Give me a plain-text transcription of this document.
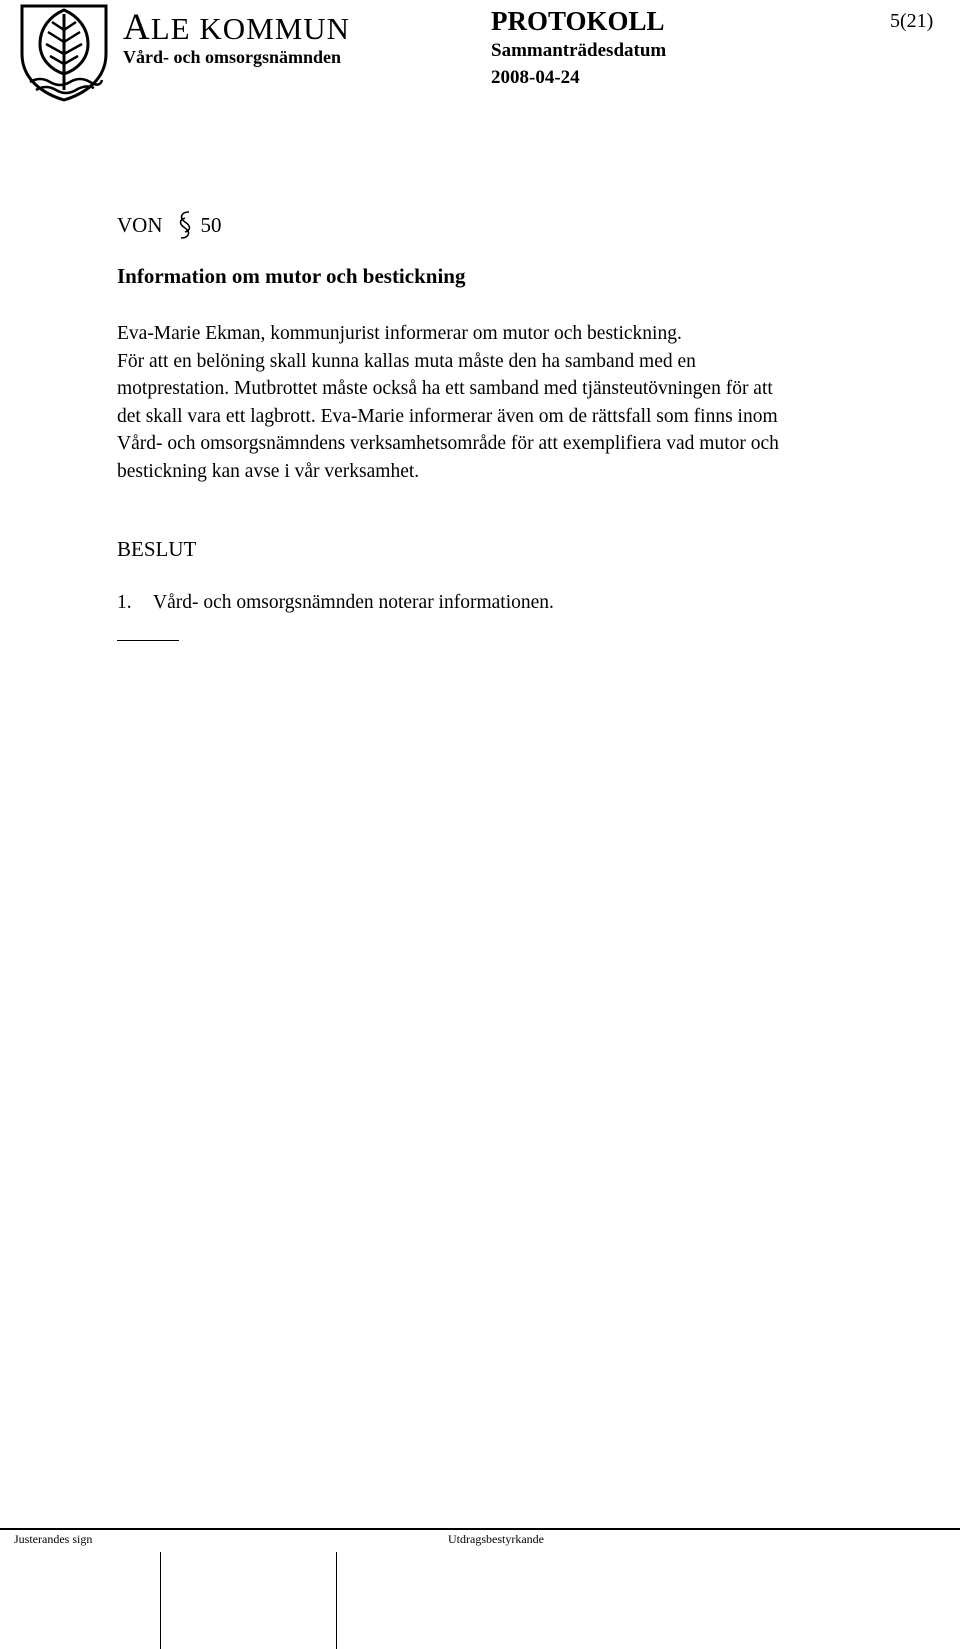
ALE KOMMUN
Vård- och omsorgsnämnden
PROTOKOLL
Sammanträdesdatum
2008-04-24
5(21)
VON 50
Information om mutor och bestickning
Eva-Marie Ekman, kommunjurist informerar om mutor och bestickning.
För att en belöning skall kunna kallas muta måste den ha samband med en
motprestation. Mutbrottet måste också ha ett samband med tjänsteutövningen för att
det skall vara ett lagbrott. Eva-Marie informerar även om de rättsfall som finns inom
Vård- och omsorgsnämndens verksamhetsområde för att exemplifiera vad mutor och
bestickning kan avse i vår verksamhet.
BESLUT
1. Vård- och omsorgsnämnden noterar informationen.
Justerandes sign	Utdragsbestyrkande
